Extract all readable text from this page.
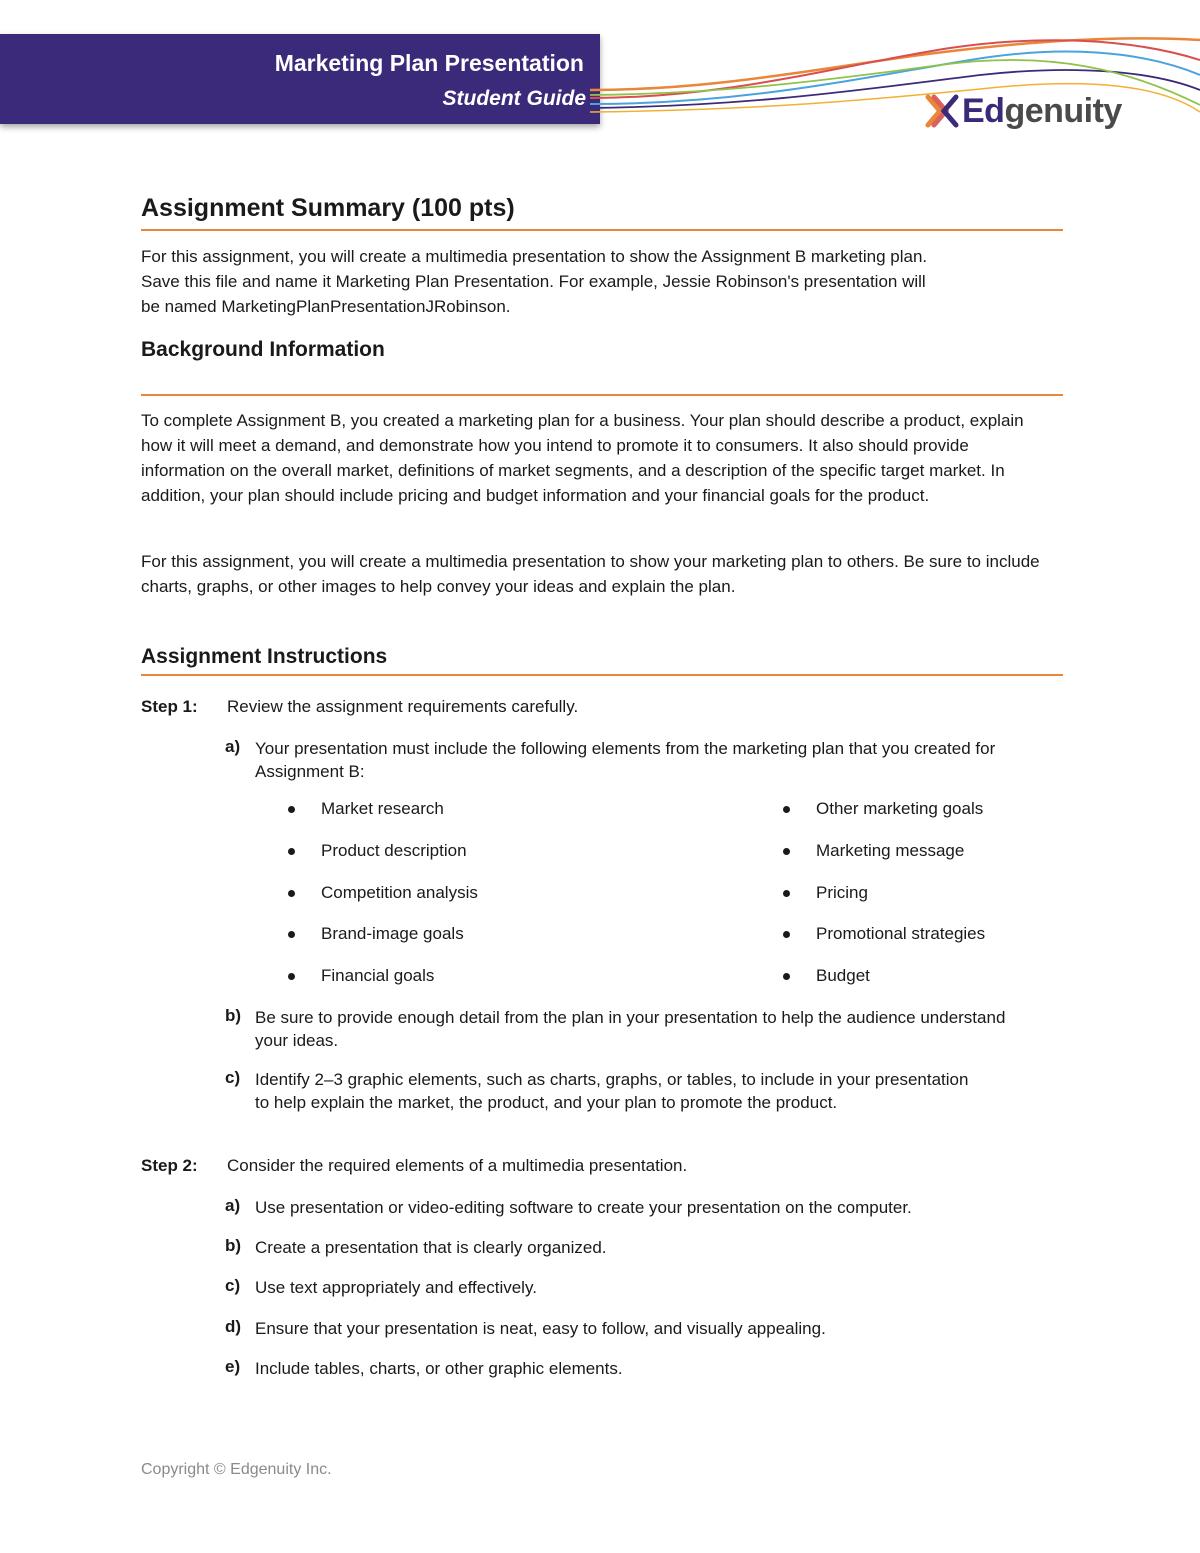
Marketing Plan Presentation
Student Guide	Edgenuity
Assignment Summary (100 pts)

For this assignment, you will create a multimedia presentation to show the Assignment B marketing plan. Save this file and name it Marketing Plan Presentation. For example, Jessie Robinson's presentation will be named MarketingPlanPresentationJRobinson.

Background Information

To complete Assignment B, you created a marketing plan for a business. Your plan should describe a product, explain how it will meet a demand, and demonstrate how you intend to promote it to consumers. It also should provide information on the overall market, definitions of market segments, and a description of the specific target market. In addition, your plan should include pricing and budget information and your financial goals for the product.

For this assignment, you will create a multimedia presentation to show your marketing plan to others. Be sure to include charts, graphs, or other images to help convey your ideas and explain the plan.

Assignment Instructions
Step 1: Review the assignment requirements carefully.
a) Your presentation must include the following elements from the marketing plan that you created for Assignment B:
Market research
Product description
Competition analysis
Brand-image goals
Financial goals
Other marketing goals
Marketing message
Pricing
Promotional strategies
Budget
b) Be sure to provide enough detail from the plan in your presentation to help the audience understand your ideas.
c) Identify 2–3 graphic elements, such as charts, graphs, or tables, to include in your presentation to help explain the market, the product, and your plan to promote the product.
Step 2: Consider the required elements of a multimedia presentation.
a) Use presentation or video-editing software to create your presentation on the computer.
b) Create a presentation that is clearly organized.
c) Use text appropriately and effectively.
d) Ensure that your presentation is neat, easy to follow, and visually appealing.
e) Include tables, charts, or other graphic elements.
Copyright © Edgenuity Inc.
